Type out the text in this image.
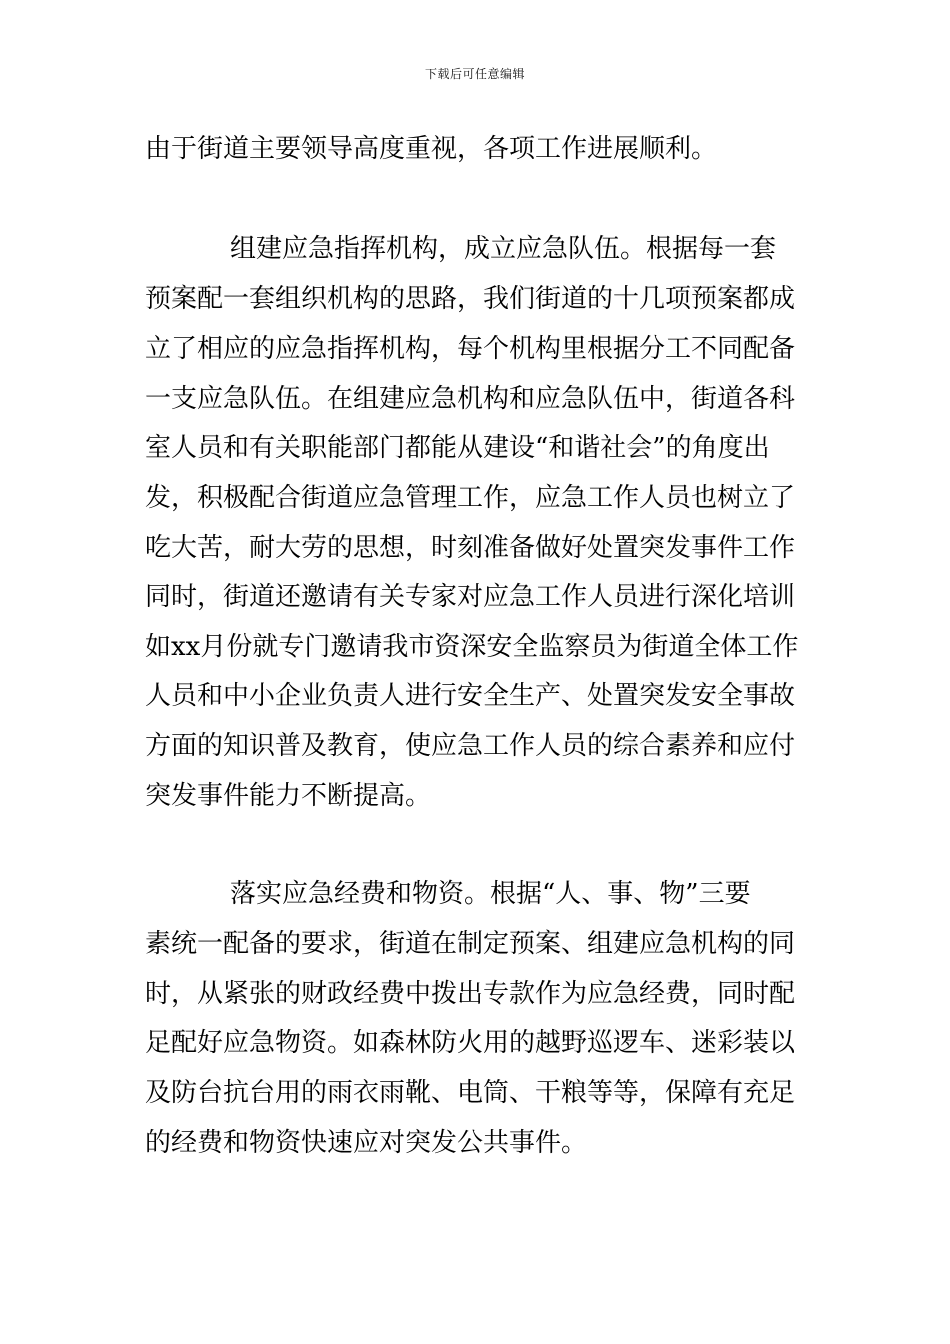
下载后可任意编辑
由于街道主要领导高度重视，各项工作进展顺利。
组建应急指挥机构，成立应急队伍。根据每一套
预案配一套组织机构的思路，我们街道的十几项预案都成
立了相应的应急指挥机构，每个机构里根据分工不同配备
一支应急队伍。在组建应急机构和应急队伍中，街道各科
室人员和有关职能部门都能从建设“和谐社会”的角度出
发，积极配合街道应急管理工作，应急工作人员也树立了
吃大苦，耐大劳的思想，时刻准备做好处置突发事件工作
同时，街道还邀请有关专家对应急工作人员进行深化培训
如xx月份就专门邀请我市资深安全监察员为街道全体工作
人员和中小企业负责人进行安全生产、处置突发安全事故
方面的知识普及教育，使应急工作人员的综合素养和应付
突发事件能力不断提高。
落实应急经费和物资。根据“人、事、物”三要
素统一配备的要求，街道在制定预案、组建应急机构的同
时，从紧张的财政经费中拨出专款作为应急经费，同时配
足配好应急物资。如森林防火用的越野巡逻车、迷彩装以
及防台抗台用的雨衣雨靴、电筒、干粮等等，保障有充足
的经费和物资快速应对突发公共事件。
